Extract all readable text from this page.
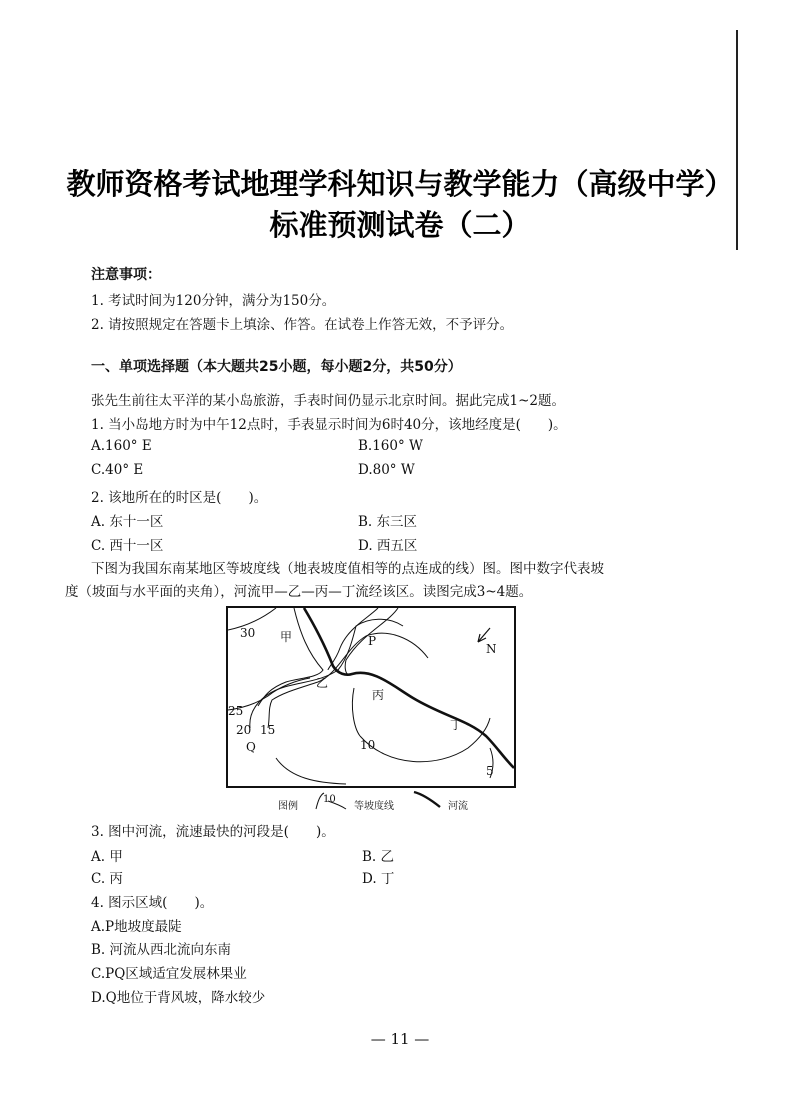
教师资格考试地理学科知识与教学能力（高级中学）
标准预测试卷（二）
注意事项：
1. 考试时间为120分钟，满分为150分。
2. 请按照规定在答题卡上填涂、作答。在试卷上作答无效，不予评分。
一、单项选择题（本大题共25小题，每小题2分，共50分）
张先生前往太平洋的某小岛旅游，手表时间仍显示北京时间。据此完成1~2题。
1. 当小岛地方时为中午12点时，手表显示时间为6时40分，该地经度是(　　)。
A.160° E	B.160° W
C.40° E	D.80° W
2. 该地所在的时区是(　　)。
A. 东十一区	B. 东三区
C. 西十一区	D. 西五区
下图为我国东南某地区等坡度线（地表坡度值相等的点连成的线）图。图中数字代表坡
度（坡面与水平面的夹角），河流甲—乙—丙—丁流经该区。读图完成3~4题。
30 甲	P
N
乙
丙
25
20 15	丁
Q	10
5
图例
10
等坡度线	河流
3. 图中河流，流速最快的河段是(　　)。
A. 甲	B. 乙
C. 丙	D. 丁
4. 图示区域(　　)。
A.P地坡度最陡
B. 河流从西北流向东南
C.PQ区域适宜发展林果业
D.Q地位于背风坡，降水较少
— 11 —
